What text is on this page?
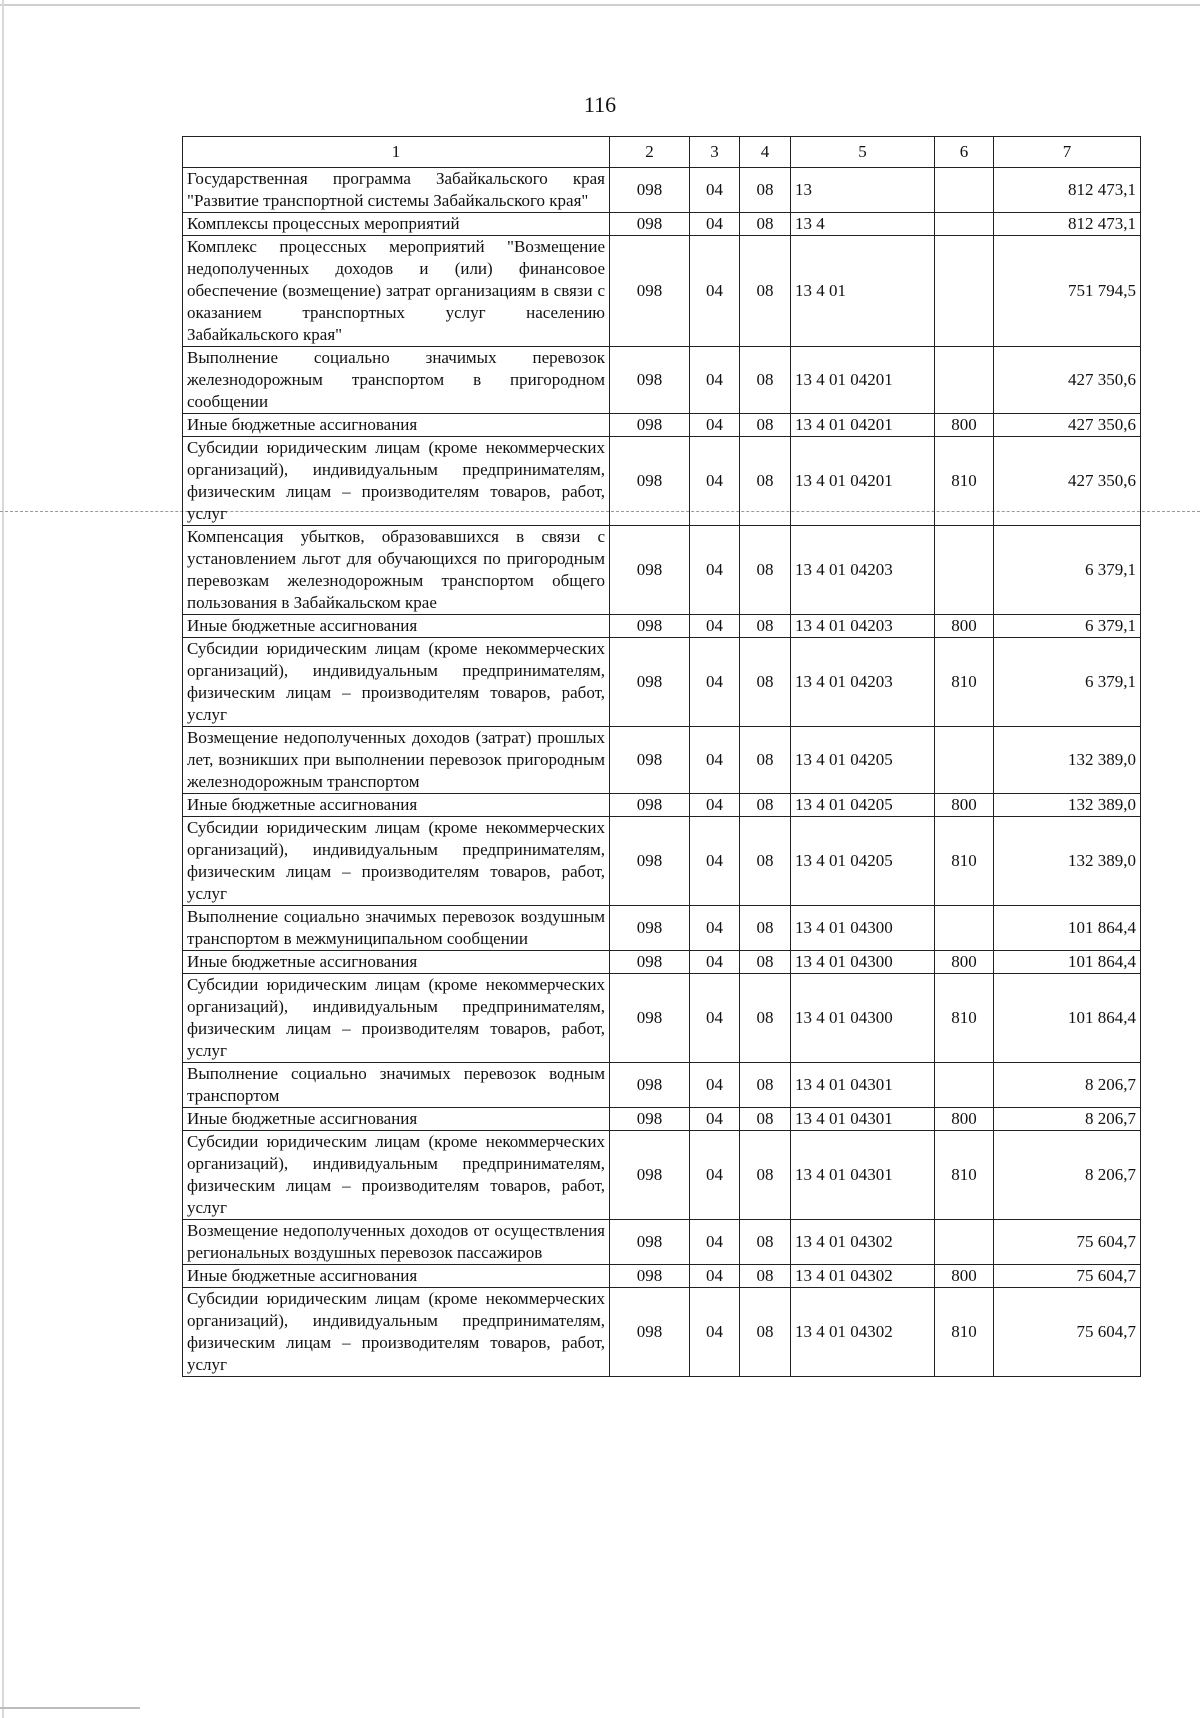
116
1	2	3	4	5	6	7
Государственная программа Забайкальского края "Развитие транспортной системы Забайкальского края"	098	04	08	13		812 473,1
Комплексы процессных мероприятий	098	04	08	13 4		812 473,1
Комплекс процессных мероприятий "Возмещение недополученных доходов и (или) финансовое обеспечение (возмещение) затрат организациям в связи с оказанием транспортных услуг населению Забайкальского края"	098	04	08	13 4 01		751 794,5
Выполнение социально значимых перевозок железнодорожным транспортом в пригородном сообщении	098	04	08	13 4 01 04201		427 350,6
Иные бюджетные ассигнования	098	04	08	13 4 01 04201	800	427 350,6
Субсидии юридическим лицам (кроме некоммерческих организаций), индивидуальным предпринимателям, физическим лицам – производителям товаров, работ, услуг	098	04	08	13 4 01 04201	810	427 350,6
Компенсация убытков, образовавшихся в связи с установлением льгот для обучающихся по пригородным перевозкам железнодорожным транспортом общего пользования в Забайкальском крае	098	04	08	13 4 01 04203		6 379,1
Иные бюджетные ассигнования	098	04	08	13 4 01 04203	800	6 379,1
Субсидии юридическим лицам (кроме некоммерческих организаций), индивидуальным предпринимателям, физическим лицам – производителям товаров, работ, услуг	098	04	08	13 4 01 04203	810	6 379,1
Возмещение недополученных доходов (затрат) прошлых лет, возникших при выполнении перевозок пригородным железнодорожным транспортом	098	04	08	13 4 01 04205		132 389,0
Иные бюджетные ассигнования	098	04	08	13 4 01 04205	800	132 389,0
Субсидии юридическим лицам (кроме некоммерческих организаций), индивидуальным предпринимателям, физическим лицам – производителям товаров, работ, услуг	098	04	08	13 4 01 04205	810	132 389,0
Выполнение социально значимых перевозок воздушным транспортом в межмуниципальном сообщении	098	04	08	13 4 01 04300		101 864,4
Иные бюджетные ассигнования	098	04	08	13 4 01 04300	800	101 864,4
Субсидии юридическим лицам (кроме некоммерческих организаций), индивидуальным предпринимателям, физическим лицам – производителям товаров, работ, услуг	098	04	08	13 4 01 04300	810	101 864,4
Выполнение социально значимых перевозок водным транспортом	098	04	08	13 4 01 04301		8 206,7
Иные бюджетные ассигнования	098	04	08	13 4 01 04301	800	8 206,7
Субсидии юридическим лицам (кроме некоммерческих организаций), индивидуальным предпринимателям, физическим лицам – производителям товаров, работ, услуг	098	04	08	13 4 01 04301	810	8 206,7
Возмещение недополученных доходов от осуществления региональных воздушных перевозок пассажиров	098	04	08	13 4 01 04302		75 604,7
Иные бюджетные ассигнования	098	04	08	13 4 01 04302	800	75 604,7
Субсидии юридическим лицам (кроме некоммерческих организаций), индивидуальным предпринимателям, физическим лицам – производителям товаров, работ, услуг	098	04	08	13 4 01 04302	810	75 604,7
